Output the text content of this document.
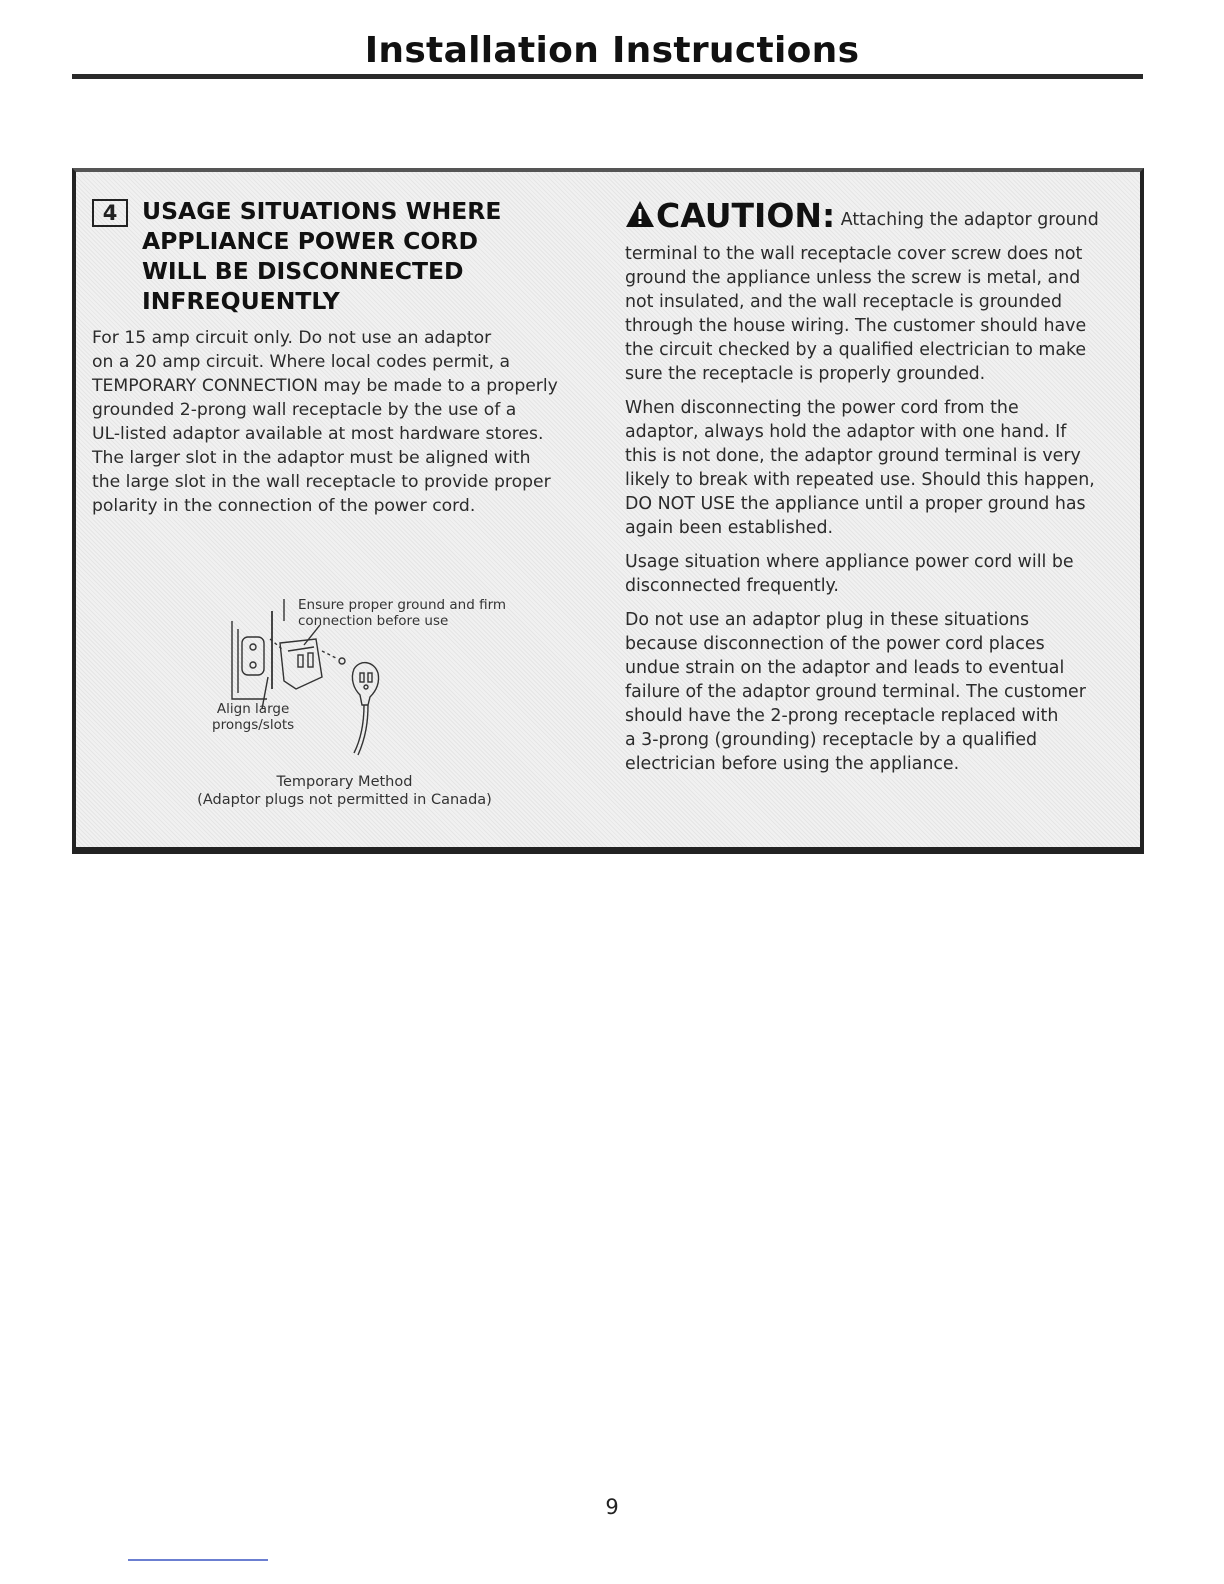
Installation Instructions
4	USAGE SITUATIONS WHERE
APPLIANCE POWER CORD
WILL BE DISCONNECTED
INFREQUENTLY

For 15 amp circuit only. Do not use an adaptor
on a 20 amp circuit. Where local codes permit, a
TEMPORARY CONNECTION may be made to a properly
grounded 2-prong wall receptacle by the use of a
UL-listed adaptor available at most hardware stores.
The larger slot in the adaptor must be aligned with
the large slot in the wall receptacle to provide proper
polarity in the connection of the power cord.

Ensure proper ground and firm
connection before use
Align large
prongs/slots
Temporary Method
(Adaptor plugs not permitted in Canada)

CAUTION: Attaching the adaptor ground

terminal to the wall receptacle cover screw does not
ground the appliance unless the screw is metal, and
not insulated, and the wall receptacle is grounded
through the house wiring. The customer should have
the circuit checked by a qualified electrician to make
sure the receptacle is properly grounded.

When disconnecting the power cord from the
adaptor, always hold the adaptor with one hand. If
this is not done, the adaptor ground terminal is very
likely to break with repeated use. Should this happen,
DO NOT USE the appliance until a proper ground has
again been established.

Usage situation where appliance power cord will be
disconnected frequently.

Do not use an adaptor plug in these situations
because disconnection of the power cord places
undue strain on the adaptor and leads to eventual
failure of the adaptor ground terminal. The customer
should have the 2-prong receptacle replaced with
a 3-prong (grounding) receptacle by a qualified
electrician before using the appliance.

9
